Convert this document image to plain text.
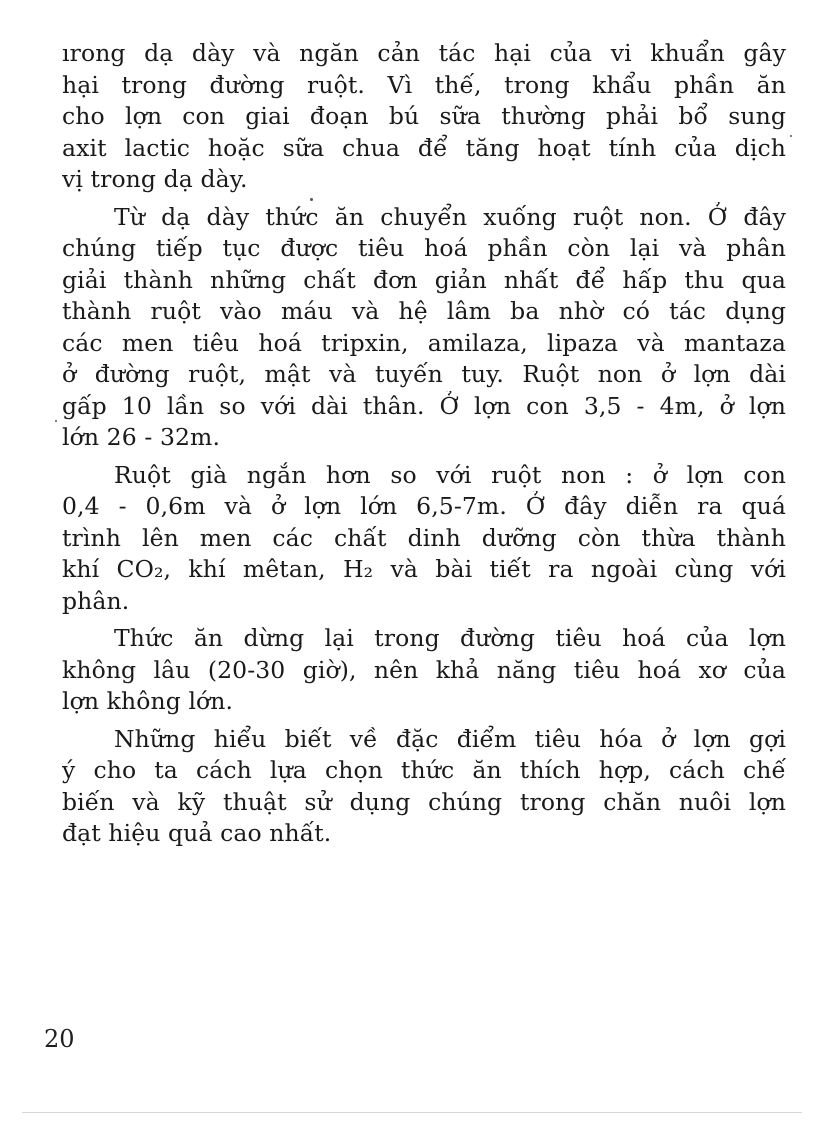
ırong dạ dày và ngăn cản tác hại của vi khuẩn gây
hại trong đường ruột. Vì thế, trong khẩu phần ăn
cho lợn con giai đoạn bú sữa thường phải bổ sung
axit lactic hoặc sữa chua để tăng hoạt tính của dịch
vị trong dạ dày.
Từ dạ dày thức ăn chuyển xuống ruột non. Ở đây
chúng tiếp tục được tiêu hoá phần còn lại và phân
giải thành những chất đơn giản nhất để hấp thu qua
thành ruột vào máu và hệ lâm ba nhờ có tác dụng
các men tiêu hoá tripxin, amilaza, lipaza và mantaza
ở đường ruột, mật và tuyến tuy. Ruột non ở lợn dài
gấp 10 lần so với dài thân. Ở lợn con 3,5 - 4m, ở lợn
lớn 26 - 32m.
Ruột già ngắn hơn so với ruột non : ở lợn con
0,4 - 0,6m và ở lợn lớn 6,5-7m. Ở đây diễn ra quá
trình lên men các chất dinh dưỡng còn thừa thành
khí CO₂, khí mêtan, H₂ và bài tiết ra ngoài cùng với
phân.
Thức ăn dừng lại trong đường tiêu hoá của lợn
không lâu (20-30 giờ), nên khả năng tiêu hoá xơ của
lợn không lớn.
Những hiểu biết về đặc điểm tiêu hóa ở lợn gợi
ý cho ta cách lựa chọn thức ăn thích hợp, cách chế
biến và kỹ thuật sử dụng chúng trong chăn nuôi lợn
đạt hiệu quả cao nhất.
20
